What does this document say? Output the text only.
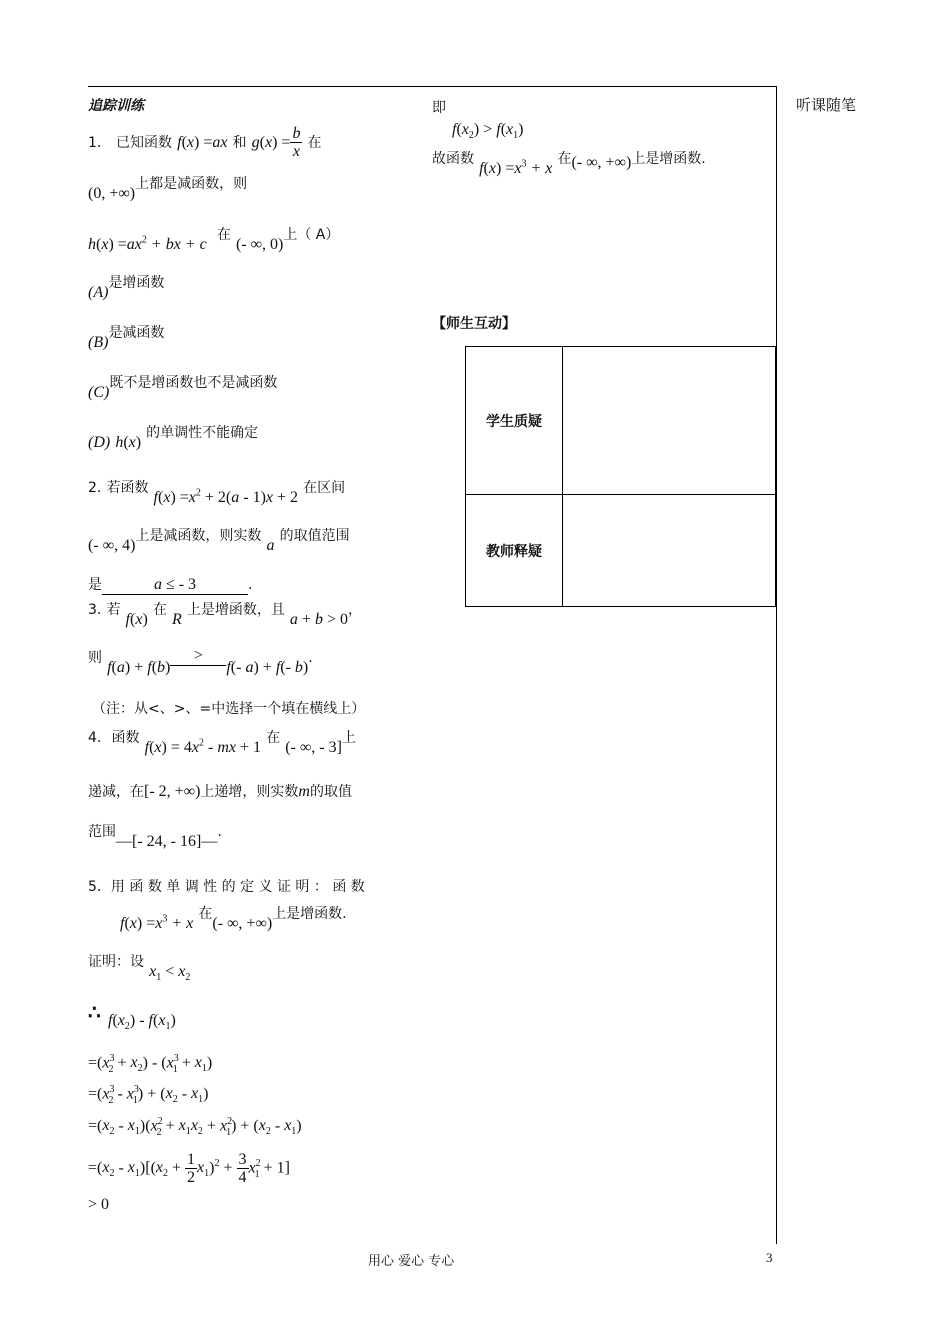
听课随笔
追踪训练
1． 已知函数 f(x) =ax 和 $g(x) = \frac{b}{x}$ 在
(0, +∞)上都是减函数，则
$h(x) =ax^2$ + bx + c  在 (- ∞, 0)上（ A）
(A)是增函数
(B)是减函数
(C)既不是增函数也不是减函数
(D) h(x) 的单调性不能确定
2. 若函数 $f(x) =x^2 + 2(a - 1)x + 2$ 在区间
(- ∞, 4)上是减函数，则实数 a 的取值范围
是	a ≤ - 3	.
3. 若 f(x) 在 R 上是增函数，且 a + b > 0，
则 f(a) + f(b)>f(- a) + f(- b).
（注：从<、>、=中选择一个填在横线上）
4. 函数 $f(x) = 4x^2$ - mx + 1 在 (- ∞, - 3]上
递减，在[- 2, +∞)上递增，则实数m的取值
范围—[- 24, - 16]—.
5．用 函 数 单 调 性 的 定 义 证 明 ： 函 数
$f(x) =x^3 + x$ 在(- ∞, +∞)上是增函数.
证明：设 $x_1 < x_2$
∴ $f(x_2) - f(x_1)$
$=(x^3_2 + x_2) - (x^3_1 + x_1)$
$=(x^3_2 - x^3_1) + (x_2 - x_1)$
$=(x_2 - x_1)(x^2_2 + x_1x_2 + x^2_1) + (x_2 - x_1)$
$=(x_2 - x_1)[(x_2 + \frac{1}{2} x_1)^2 + \frac{3}{4} x^2_1 + 1]$
> 0
即
$f(x_2) > f(x_1)$
故函数 $f(x) =x^3 + x$ 在(- ∞, +∞)上是增函数.
【师生互动】
学生质疑	
教师释疑	
用心 爱心 专心	3
